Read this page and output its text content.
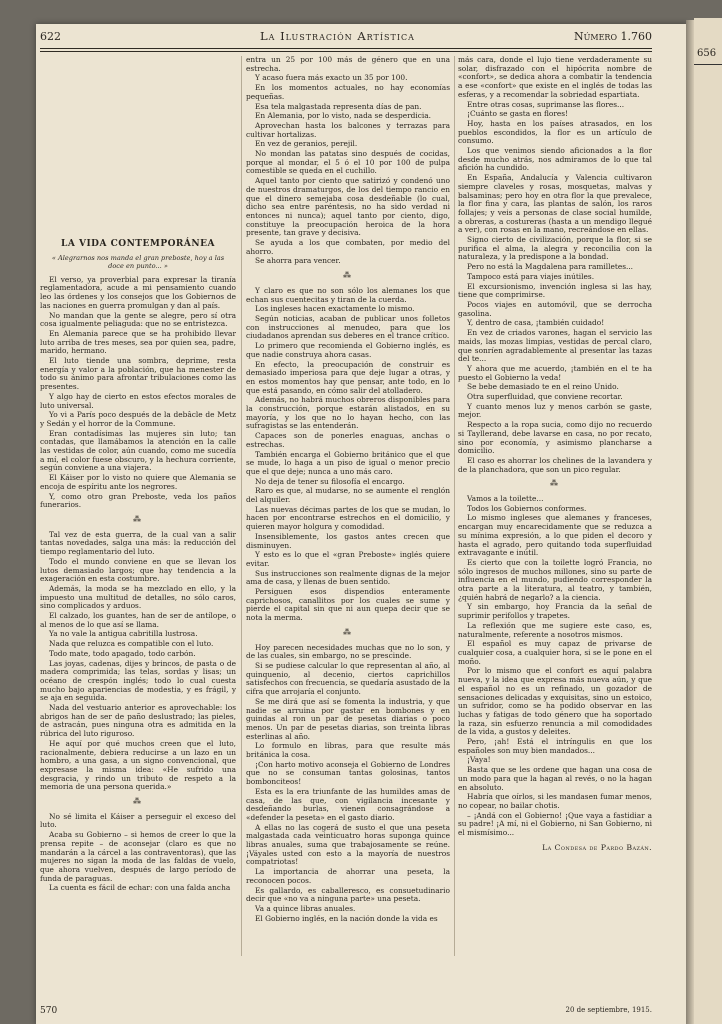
656
622	La Ilustración Artística	Número 1.760
LA VIDA CONTEMPORÁNEA
« Alegrarnos nos manda el gran preboste, hoy a las doce en punto... »

El verso, ya proverbial para expresar la tiranía reglamentadora, acude a mi pensamiento cuando leo las órdenes y los consejos que los Gobiernos de las naciones en guerra promulgan y dan al país.

No mandan que la gente se alegre, pero sí otra cosa igualmente peliaguda: que no se entristezca.

En Alemania parece que se ha prohibido llevar luto arriba de tres meses, sea por quien sea, padre, marido, hermano.

El luto tiende una sombra, deprime, resta energía y valor a la población, que ha menester de todo su ánimo para afrontar tribulaciones como las presentes.

Y algo hay de cierto en estos efectos morales de luto universal.

Yo vi a París poco después de la debâcle de Metz y Sedán y el horror de la Commune.

Eran contadísimas las mujeres sin luto; tan contadas, que llamábamos la atención en la calle las vestidas de color, aún cuando, como me sucedía a mí, el color fuese obscuro, y la hechura corriente, según conviene a una viajera.

El Káiser por lo visto no quiere que Alemania se encoja de espíritu ante los negrores.

Y, como otro gran Preboste, veda los paños funerarios.

⁂

Tal vez de esta guerra, de la cual van a salir tantas novedades, salga una más: la reducción del tiempo reglamentario del luto.

Todo el mundo conviene en que se llevan los lutos demasiado largos; que hay tendencia a la exageración en esta costumbre.

Además, la moda se ha mezclado en ello, y la impuesto una multitud de detalles, no sólo caros, sino complicados y arduos.

El calzado, los guantes, han de ser de antílope, o al menos de lo que así se llama.

Ya no vale la antigua cabritilla lustrosa.

Nada que reluzca es compatible con el luto.

Todo mate, todo apagado, todo carbón.

Las joyas, cadenas, dijes y brincos, de pasta o de madera comprimida; las telas, sordas y lisas; un océano de crespón inglés; todo lo cual cuesta mucho bajo apariencias de modestia, y es frágil, y se aja en seguida.

Nada del vestuario anterior es aprovechable: los abrigos han de ser de paño deslustrado; las pieles, de astracán, pues ninguna otra es admitida en la rúbrica del luto riguroso.

He aquí por qué muchos creen que el luto, racionalmente, debiera reducirse a un lazo en un hombro, a una gasa, a un signo convencional, que expresase la misma idea: «He sufrido una desgracia, y rindo un tributo de respeto a la memoria de una persona querida.»

⁂

No sé limita el Káiser a perseguir el exceso del luto.

Acaba su Gobierno – si hemos de creer lo que la prensa repite – de aconsejar (claro es que no mandarán a la cárcel a las contraventoras), que las mujeres no sigan la moda de las faldas de vuelo, que ahora vuelven, después de largo período de funda de paraguas.

La cuenta es fácil de echar: con una falda ancha

entra un 25 por 100 más de género que en una estrecha.

Y acaso fuera más exacto un 35 por 100.

En los momentos actuales, no hay economías pequeñas.

Esa tela malgastada representa días de pan.

En Alemania, por lo visto, nada se desperdicia.

Aprovechan hasta los balcones y terrazas para cultivar hortalizas.

En vez de geranios, perejil.

No mondan las patatas sino después de cocidas, porque al mondar, el 5 ó el 10 por 100 de pulpa comestible se queda en el cuchillo.

Aquel tanto por ciento que satirizó y condenó uno de nuestros dramaturgos, de los del tiempo rancio en que el dinero semejaba cosa desdeñable (lo cual, dicho sea entre paréntesis, no ha sido verdad ni entonces ni nunca); aquel tanto por ciento, digo, constituye la preocupación heroica de la hora presente, tan grave y decisiva.

Se ayuda a los que combaten, por medio del ahorro.

Se ahorra para vencer.

⁂

Y claro es que no son sólo los alemanes los que echan sus cuentecitas y tiran de la cuerda.

Los ingleses hacen exactamente lo mismo.

Según noticias, acaban de publicar unos folletos con instrucciones al menudeo, para que los ciudadanos aprendan sus deberes en el trance crítico.

Lo primero que recomienda el Gobierno inglés, es que nadie construya ahora casas.

En efecto, la preocupación de construir es demasiado imperiosa para que deje lugar a otras, y en estos momentos hay que pensar, ante todo, en lo que está pasando, en cómo salir del atolladero.

Además, no habrá muchos obreros disponibles para la construcción, porque estarán alistados, en su mayoría, y los que no lo hayan hecho, con las sufragistas se las entenderán.

Capaces son de ponerles enaguas, anchas o estrechas.

También encarga el Gobierno británico que el que se mude, lo haga a un piso de igual o menor precio que el que deje; nunca a uno más caro.

No deja de tener su filosofía el encargo.

Raro es que, al mudarse, no se aumente el renglón del alquiler.

Las nuevas décimas partes de los que se mudan, lo hacen por encontrarse estrechos en el domicilio, y quieren mayor holgura y comodidad.

Insensiblemente, los gastos antes crecen que disminuyen.

Y esto es lo que el «gran Preboste» inglés quiere evitar.

Sus instrucciones son realmente dignas de la mejor ama de casa, y llenas de buen sentido.

Persiguen esos dispendios enteramente caprichosos, canallitos por los cuales se sume y pierde el capital sin que ni aun quepa decir que se nota la merma.

⁂

Hoy parecen necesidades muchas que no lo son, y de las cuales, sin embargo, no se prescinde.

Si se pudiese calcular lo que representan al año, al quinquenio, al decenio, ciertos caprichillos satisfechos con frecuencia, se quedaría asustado de la cifra que arrojaría el conjunto.

Se me dirá que así se fomenta la industria, y que nadie se arruina por gastar en bombones y en guindas al ron un par de pesetas diarias o poco menos. Un par de pesetas diarias, son treinta libras esterlinas al año.

Lo formulo en libras, para que resulte más británica la cosa.

¡Con harto motivo aconseja el Gobierno de Londres que no se consuman tantas golosinas, tantos bombonciteos!

Esta es la era triunfante de las humildes amas de casa, de las que, con vigilancia incesante y desdeñando burlas, vienen consagrándose a «defender la peseta» en el gasto diario.

A ellas no las cogerá de susto el que una peseta malgastada cada veinticuatro horas suponga quince libras anuales, suma que trabajosamente se reúne. ¡Váyales usted con esto a la mayoría de nuestros compatriotas!

La importancia de ahorrar una peseta, la reconocen pocos.

Es gallardo, es caballeresco, es consuetudinario decir que «no va a ninguna parte» una peseta.

Va a quince libras anuales.

El Gobierno inglés, en la nación donde la vida es

más cara, donde el lujo tiene verdaderamente su solar, disfrazado con el hipócrita nombre de «confort», se dedica ahora a combatir la tendencia a ese «confort» que existe en el inglés de todas las esferas, y a recomendar la sobriedad espartiata.

Entre otras cosas, suprimanse las flores...

¡Cuánto se gasta en flores!

Hoy, hasta en los países atrasados, en los pueblos escondidos, la flor es un artículo de consumo.

Los que venimos siendo aficionados a la flor desde mucho atrás, nos admiramos de lo que tal afición ha cundido.

En España, Andalucía y Valencia cultivaron siempre claveles y rosas, mosquetas, malvas y balsaminas; pero hoy en otra flor la que prevalece, la flor fina y cara, las plantas de salón, los raros follajes; y veis a personas de clase social humilde, a obreras, a costureras (hasta a un mendigo llegué a ver), con rosas en la mano, recreándose en ellas.

Signo cierto de civilización, porque la flor, si se purifica el alma, la alegra y reconcilia con la naturaleza, y la predispone a la bondad.

Pero no está la Magdalena para ramilletes...

Tampoco está para viajes inútiles.

El excursionismo, invención inglesa si las hay, tiene que comprimirse.

Pocos viajes en automóvil, que se derrocha gasolina.

Y, dentro de casa, ¡también cuidado!

En vez de criados varones, hagan el servicio las maids, las mozas limpias, vestidas de percal claro, que sonríen agradablemente al presentar las tazas del te...

Y ahora que me acuerdo, ¡también en el te ha puesto el Gobierno la veda!

Se bebe demasiado te en el reino Unido.

Otra superfluidad, que conviene recortar.

Y cuanto menos luz y menos carbón se gaste, mejor.

Respecto a la ropa sucia, como dijo no recuerdo si Tayllerand, debe lavarse en casa, no por recato, sino por economía, y asimismo plancharse a domicilio.

El caso es ahorrar los chelines de la lavandera y de la planchadora, que son un pico regular.

⁂

Vamos a la toilette...

Todos los Gobiernos conformes.

Lo mismo ingleses que alemanes y franceses, encargan muy encarecidamente que se reduzca a su mínima expresión, a lo que piden el decoro y hasta el agrado, pero quitando toda superfluidad extravagante e inútil.

Es cierto que con la toilette logró Francia, no sólo ingresos de muchos millones, sino su parte de influencia en el mundo, pudiendo corresponder la otra parte a la literatura, al teatro, y también, ¿quién habrá de negarlo? a la ciencia.

Y sin embargo, hoy Francia da la señal de suprimir perifollos y trapetes.

La reflexión que me sugiere este caso, es, naturalmente, referente a nosotros mismos.

El español es muy capaz de privarse de cualquier cosa, a cualquier hora, si se le pone en el moño.

Por lo mismo que el confort es aquí palabra nueva, y la idea que expresa más nueva aún, y que el español no es un refinado, un gozador de sensaciones delicadas y exquisitas, sino un estoico, un sufridor, como se ha podido observar en las luchas y fatigas de todo género que ha soportado la raza, sin esfuerzo renuncia a mil comodidades de la vida, a gustos y deleites.

Pero, ¡ah! Está el intríngulis en que los españoles son muy bien mandados...

¡Vaya!

Basta que se les ordene que hagan una cosa de un modo para que la hagan al revés, o no la hagan en absoluto.

Habría que oírlos, si les mandasen fumar menos, no copear, no bailar chotis.

– ¡Andá con el Gobierno! ¡Que vaya a fastidiar a su padre! ¡A mí, ni el Gobierno, ni San Gobierno, ni el mismísimo...

La Condesa de Pardo Bazán.
570	20 de septiembre, 1915.
